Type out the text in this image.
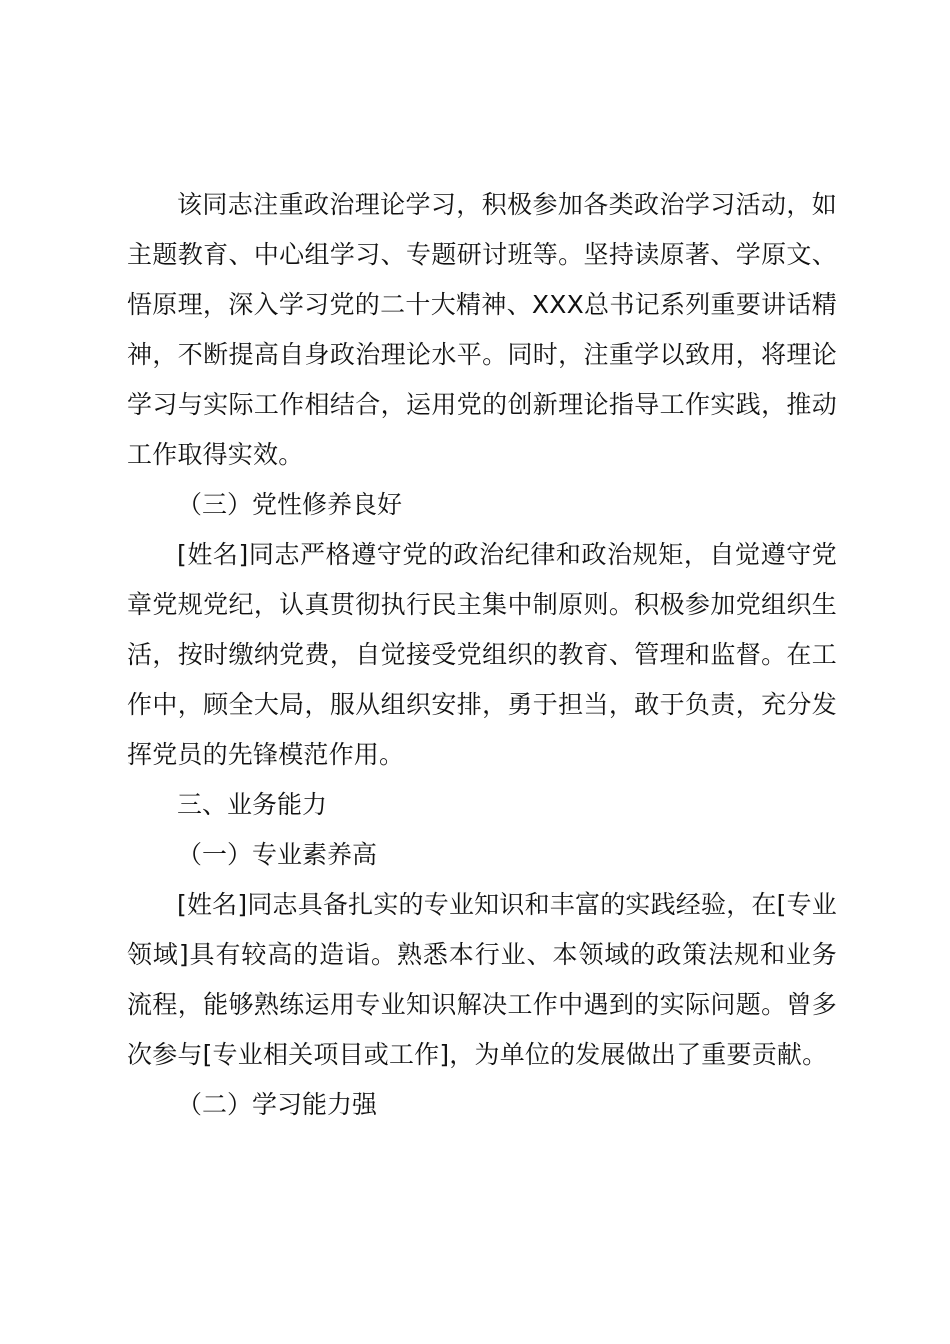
该同志注重政治理论学习，积极参加各类政治学习活动，如主题教育、中心组学习、专题研讨班等。坚持读原著、学原文、悟原理，深入学习党的二十大精神、XXX总书记系列重要讲话精神，不断提高自身政治理论水平。同时，注重学以致用，将理论学习与实际工作相结合，运用党的创新理论指导工作实践，推动工作取得实效。

（三）党性修养良好

[姓名]同志严格遵守党的政治纪律和政治规矩，自觉遵守党章党规党纪，认真贯彻执行民主集中制原则。积极参加党组织生活，按时缴纳党费，自觉接受党组织的教育、管理和监督。在工作中，顾全大局，服从组织安排，勇于担当，敢于负责，充分发挥党员的先锋模范作用。

三、业务能力

（一）专业素养高

[姓名]同志具备扎实的专业知识和丰富的实践经验，在[专业领域]具有较高的造诣。熟悉本行业、本领域的政策法规和业务流程，能够熟练运用专业知识解决工作中遇到的实际问题。曾多次参与[专业相关项目或工作]，为单位的发展做出了重要贡献。

（二）学习能力强
